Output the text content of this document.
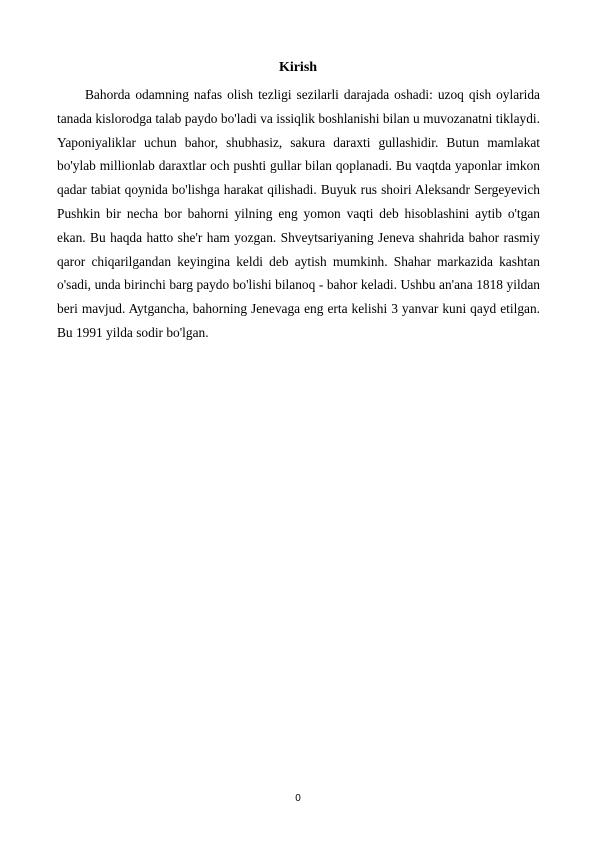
Kirish

Bahorda odamning nafas olish tezligi sezilarli darajada oshadi: uzoq qish oylarida tanada kislorodga talab paydo bo'ladi va issiqlik boshlanishi bilan u muvozanatni tiklaydi. Yaponiyaliklar uchun bahor, shubhasiz, sakura daraxti gullashidir. Butun mamlakat bo'ylab millionlab daraxtlar och pushti gullar bilan qoplanadi. Bu vaqtda yaponlar imkon qadar tabiat qoynida bo'lishga harakat qilishadi. Buyuk rus shoiri Aleksandr Sergeyevich Pushkin bir necha bor bahorni yilning eng yomon vaqti deb hisoblashini aytib o'tgan ekan. Bu haqda hatto she'r ham yozgan. Shveytsariyaning Jeneva shahrida bahor rasmiy qaror chiqarilgandan keyingina keldi deb aytish mumkinh. Shahar markazida kashtan o'sadi, unda birinchi barg paydo bo'lishi bilanoq - bahor keladi. Ushbu an'ana 1818 yildan beri mavjud. Aytgancha, bahorning Jenevaga eng erta kelishi 3 yanvar kuni qayd etilgan. Bu 1991 yilda sodir bo'lgan.

0
